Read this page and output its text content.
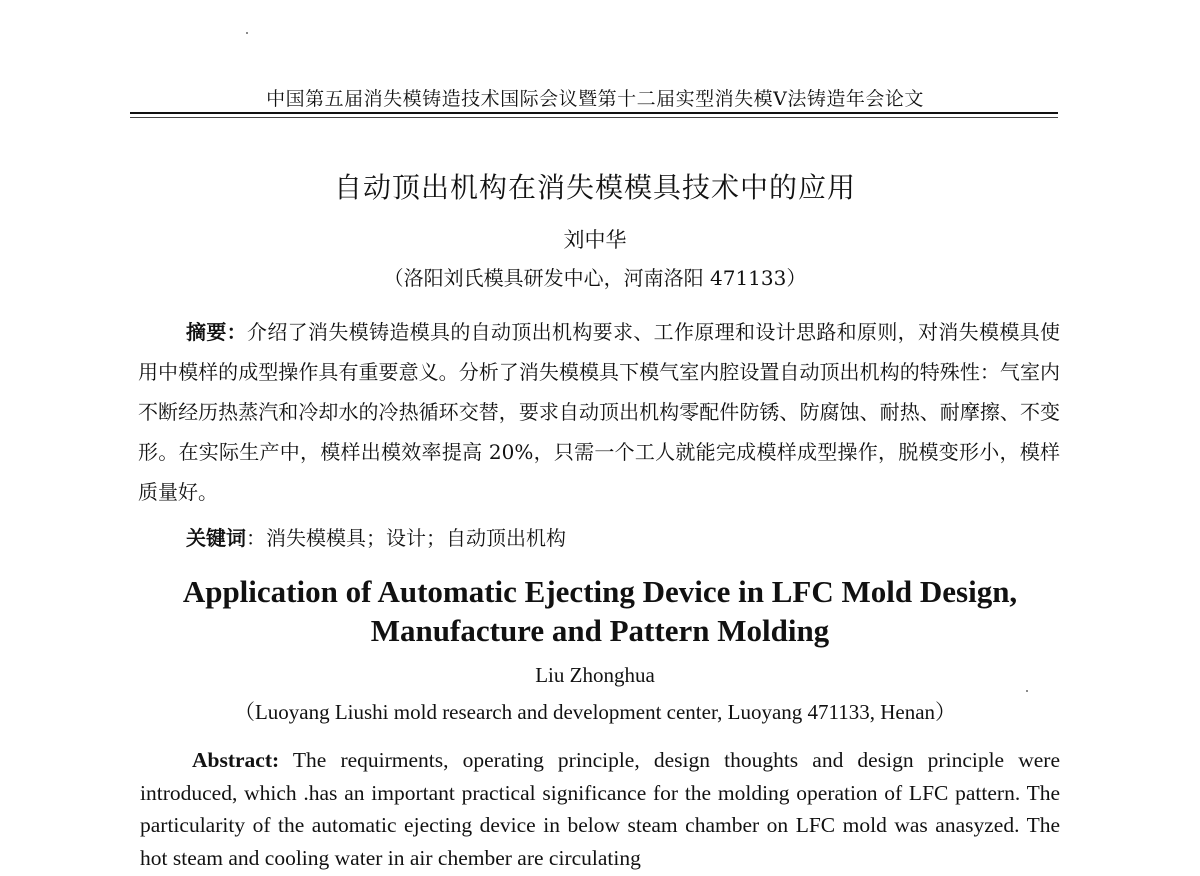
中国第五届消失模铸造技术国际会议暨第十二届实型消失模V法铸造年会论文
自动顶出机构在消失模模具技术中的应用
刘中华
（洛阳刘氏模具研发中心，河南洛阳 471133）

摘要：介绍了消失模铸造模具的自动顶出机构要求、工作原理和设计思路和原则，对消失模模具使用中模样的成型操作具有重要意义。分析了消失模模具下模气室内腔设置自动顶出机构的特殊性：气室内不断经历热蒸汽和冷却水的冷热循环交替，要求自动顶出机构零配件防锈、防腐蚀、耐热、耐摩擦、不变形。在实际生产中，模样出模效率提高 20%，只需一个工人就能完成模样成型操作，脱模变形小，模样质量好。

关键词：消失模模具；设计；自动顶出机构
Application of Automatic Ejecting Device in LFC Mold Design,
Manufacture and Pattern Molding
Liu Zhonghua
（Luoyang Liushi mold research and development center, Luoyang 471133, Henan）

Abstract: The requirments, operating principle, design thoughts and design principle were introduced, which .has an important practical significance for the molding operation of LFC pattern. The particularity of the automatic ejecting device in below steam chamber on LFC mold was anasyzed. The hot steam and cooling water in air chember are circulating
